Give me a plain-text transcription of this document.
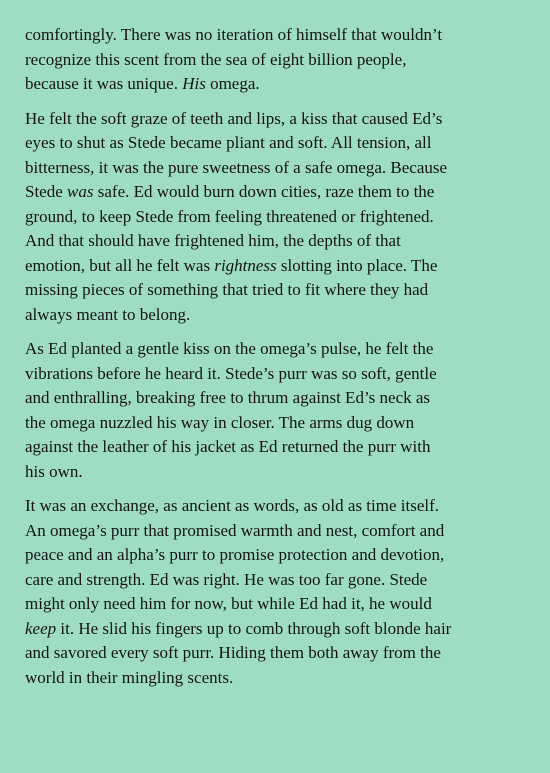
comfortingly. There was no iteration of himself that wouldn’t
recognize this scent from the sea of eight billion people,
because it was unique. His omega.

He felt the soft graze of teeth and lips, a kiss that caused Ed’s
eyes to shut as Stede became pliant and soft. All tension, all
bitterness, it was the pure sweetness of a safe omega. Because
Stede was safe. Ed would burn down cities, raze them to the
ground, to keep Stede from feeling threatened or frightened.
And that should have frightened him, the depths of that
emotion, but all he felt was rightness slotting into place. The
missing pieces of something that tried to fit where they had
always meant to belong.

As Ed planted a gentle kiss on the omega’s pulse, he felt the
vibrations before he heard it. Stede’s purr was so soft, gentle
and enthralling, breaking free to thrum against Ed’s neck as
the omega nuzzled his way in closer. The arms dug down
against the leather of his jacket as Ed returned the purr with
his own.

It was an exchange, as ancient as words, as old as time itself.
An omega’s purr that promised warmth and nest, comfort and
peace and an alpha’s purr to promise protection and devotion,
care and strength. Ed was right. He was too far gone. Stede
might only need him for now, but while Ed had it, he would
keep it. He slid his fingers up to comb through soft blonde hair
and savored every soft purr. Hiding them both away from the
world in their mingling scents.
